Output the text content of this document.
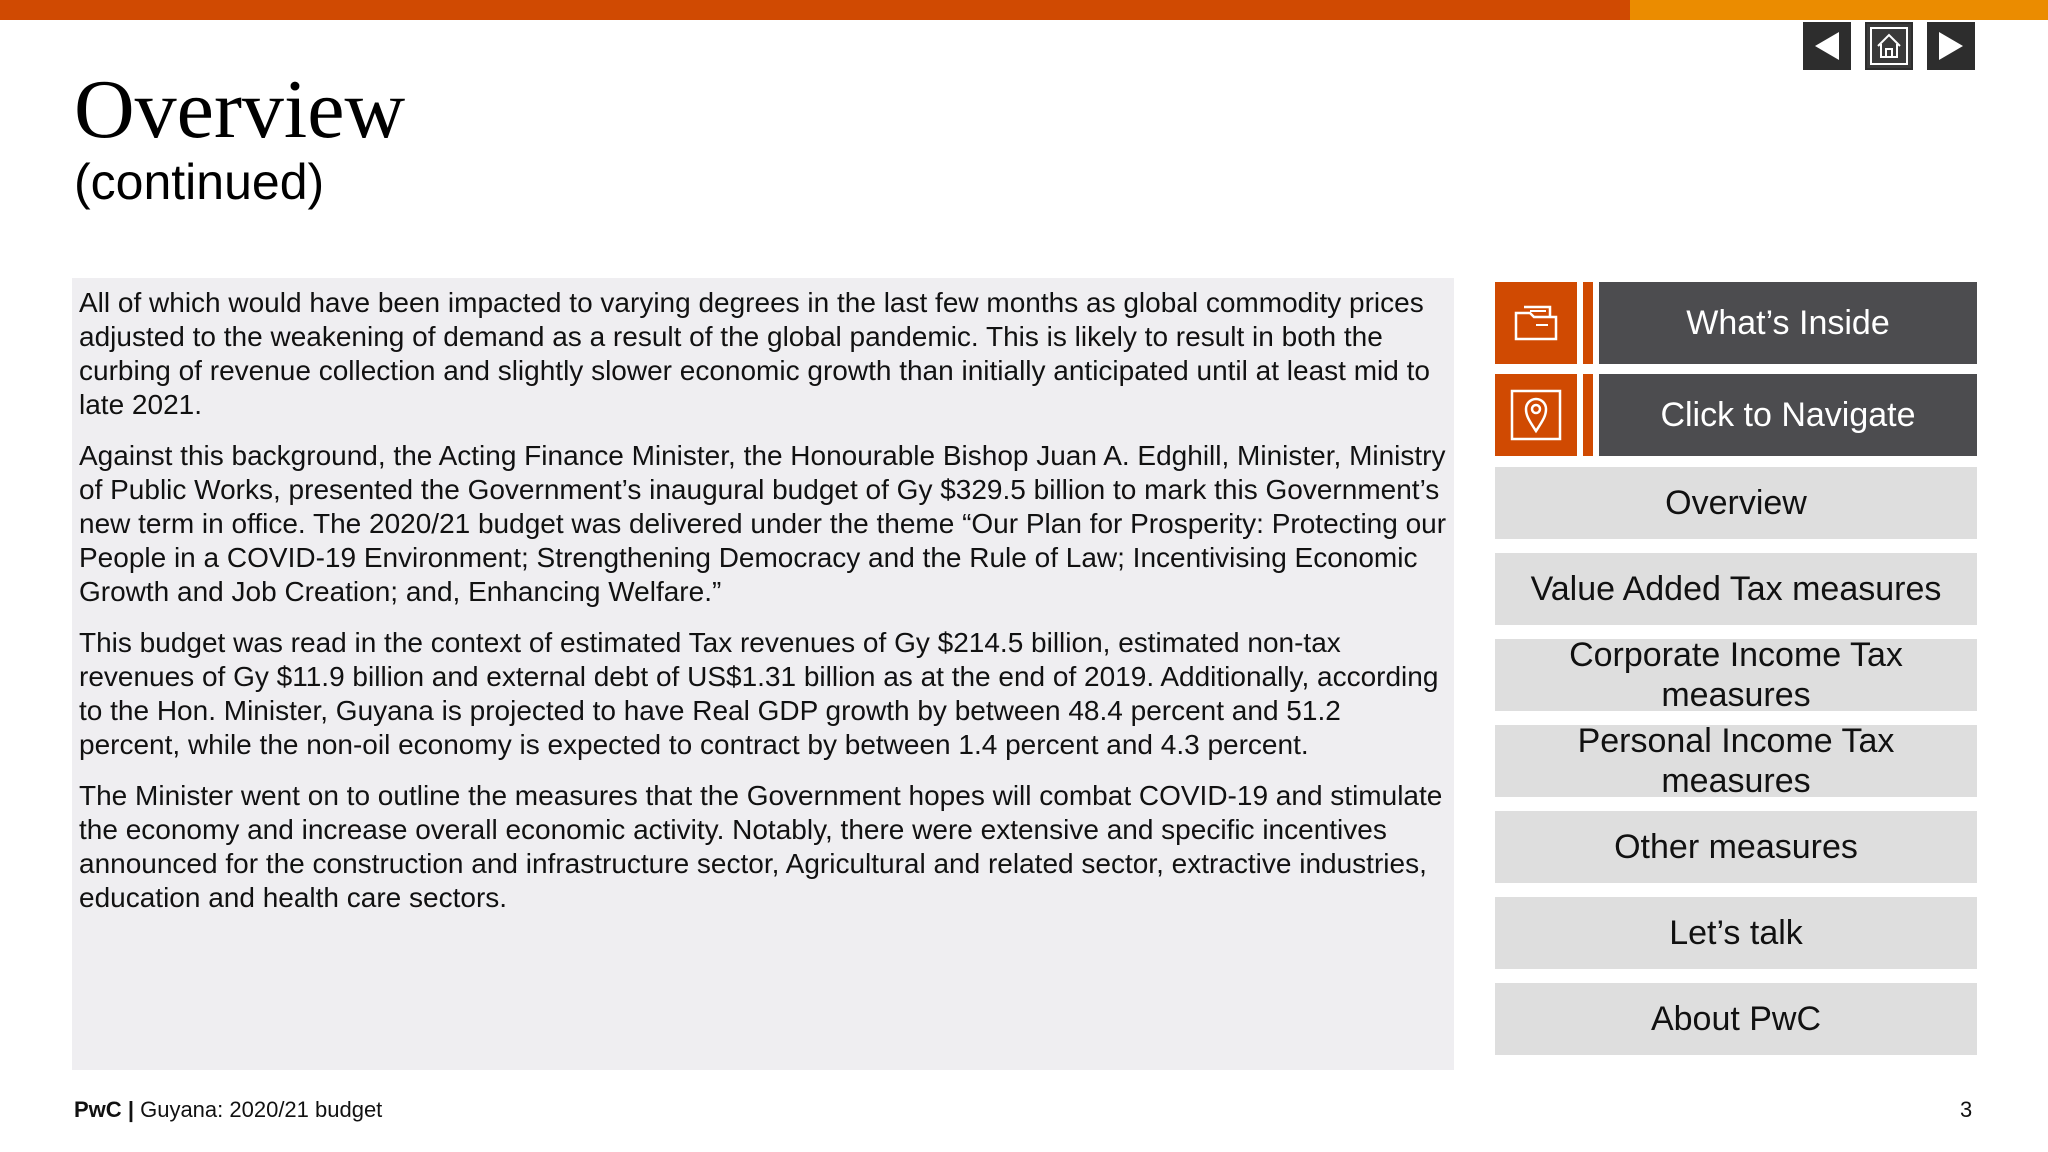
Overview
(continued)

All of which would have been impacted to varying degrees in the last few months as global commodity prices adjusted to the weakening of demand as a result of the global pandemic. This is likely to result in both the curbing of revenue collection and slightly slower economic growth than initially anticipated until at least mid to late 2021.

Against this background, the Acting Finance Minister, the Honourable Bishop Juan A. Edghill, Minister, Ministry of Public Works, presented the Government’s inaugural budget of Gy $329.5 billion to mark this Government’s new term in office. The 2020/21 budget was delivered under the theme “Our Plan for Prosperity: Protecting our People in a COVID-19 Environment; Strengthening Democracy and the Rule of Law; Incentivising Economic Growth and Job Creation; and, Enhancing Welfare.”

This budget was read in the context of estimated Tax revenues of Gy $214.5 billion, estimated non-tax revenues of Gy $11.9 billion and external debt of US$1.31 billion as at the end of 2019. Additionally, according to the Hon. Minister, Guyana is projected to have Real GDP growth by between 48.4 percent and 51.2 percent, while the non-oil economy is expected to contract by between 1.4 percent and 4.3 percent.

The Minister went on to outline the measures that the Government hopes will combat COVID-19 and stimulate the economy and increase overall economic activity. Notably, there were extensive and specific incentives announced for the construction and infrastructure sector, Agricultural and related sector, extractive industries, education and health care sectors.

What’s Inside
Click to Navigate
Overview
Value Added Tax measures
Corporate Income Tax measures
Personal Income Tax measures
Other measures
Let’s talk
About PwC
PwC | Guyana: 2020/21 budget	3
